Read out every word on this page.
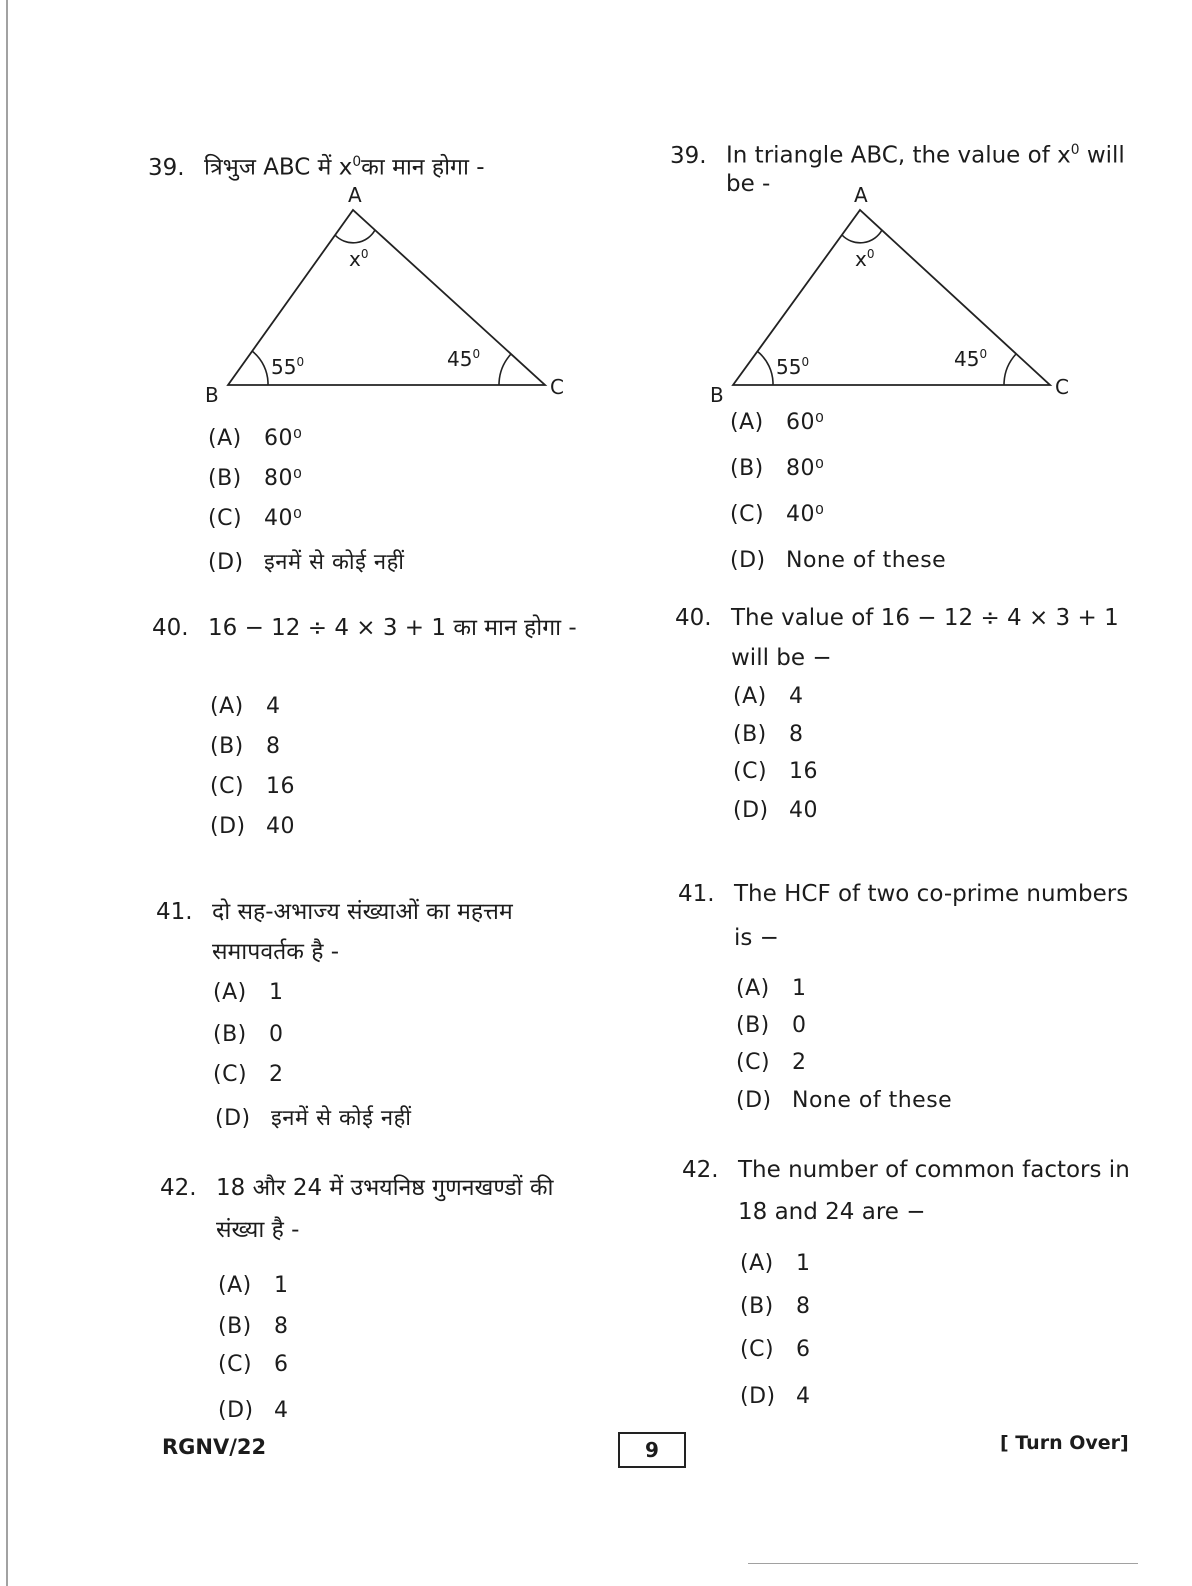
39. त्रिभुज ABC में $x^0का$ मान होगा -
A
B	C
$x^0$
$55^0$	$45^0$
(A) 60⁰
(B) 80⁰
(C) 40⁰
(D) इनमें से कोई नहीं
40. 16 − 12 ÷ 4 × 3 + 1 का मान होगा -
(A) 4
(B) 8
(C) 16
(D) 40
41. दो सह-अभाज्य संख्याओं का महत्तम
समापवर्तक है -
(A) 1
(B) 0
(C) 2
(D) इनमें से कोई नहीं
42. 18 और 24 में उभयनिष्ठ गुणनखण्डों की
संख्या है -
(A) 1
(B) 8
(C) 6
(D) 4
39. In triangle ABC, the value of $x^0$ will
be -	A
B	C
$x^0$
$55^0$	$45^0$
(A) 60⁰
(B) 80⁰
(C) 40⁰
(D) None of these
40. The value of 16 − 12 ÷ 4 × 3 + 1
will be −
(A) 4
(B) 8
(C) 16
(D) 40
41. The HCF of two co-prime numbers
is −
(A) 1
(B) 0
(C) 2
(D) None of these
42. The number of common factors in
18 and 24 are −
(A) 1
(B) 8
(C) 6
(D) 4
RGNV/22	9	[ Turn Over]
